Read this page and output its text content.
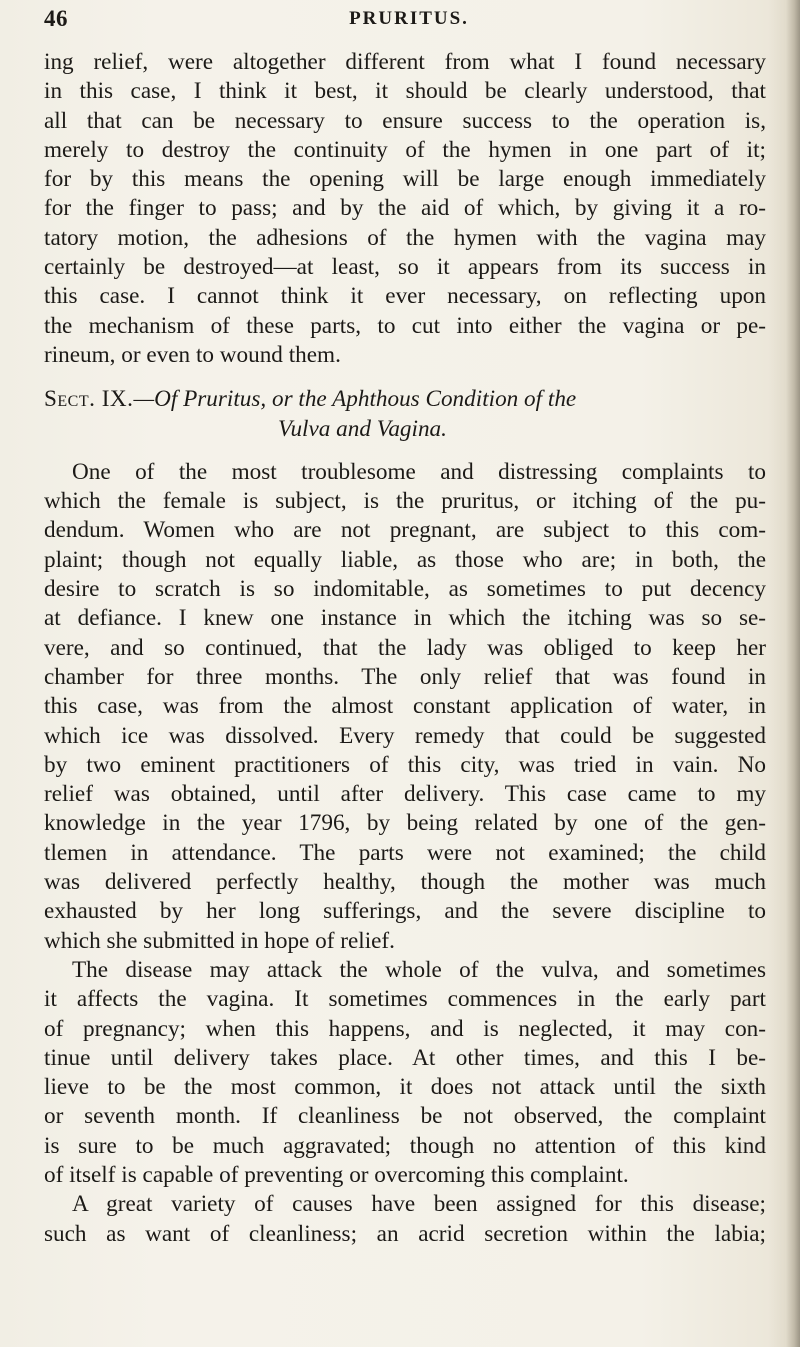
46	PRURITUS.
ing relief, were altogether different from what I found necessary
in this case, I think it best, it should be clearly understood, that
all that can be necessary to ensure success to the operation is,
merely to destroy the continuity of the hymen in one part of it;
for by this means the opening will be large enough immediately
for the finger to pass; and by the aid of which, by giving it a ro-
tatory motion, the adhesions of the hymen with the vagina may
certainly be destroyed—at least, so it appears from its success in
this case. I cannot think it ever necessary, on reflecting upon
the mechanism of these parts, to cut into either the vagina or pe-
rineum, or even to wound them.
Sect. IX.—Of Pruritus, or the Aphthous Condition of the
Vulva and Vagina.
One of the most troublesome and distressing complaints to
which the female is subject, is the pruritus, or itching of the pu-
dendum. Women who are not pregnant, are subject to this com-
plaint; though not equally liable, as those who are; in both, the
desire to scratch is so indomitable, as sometimes to put decency
at defiance. I knew one instance in which the itching was so se-
vere, and so continued, that the lady was obliged to keep her
chamber for three months. The only relief that was found in
this case, was from the almost constant application of water, in
which ice was dissolved. Every remedy that could be suggested
by two eminent practitioners of this city, was tried in vain. No
relief was obtained, until after delivery. This case came to my
knowledge in the year 1796, by being related by one of the gen-
tlemen in attendance. The parts were not examined; the child
was delivered perfectly healthy, though the mother was much
exhausted by her long sufferings, and the severe discipline to
which she submitted in hope of relief.
The disease may attack the whole of the vulva, and sometimes
it affects the vagina. It sometimes commences in the early part
of pregnancy; when this happens, and is neglected, it may con-
tinue until delivery takes place. At other times, and this I be-
lieve to be the most common, it does not attack until the sixth
or seventh month. If cleanliness be not observed, the complaint
is sure to be much aggravated; though no attention of this kind
of itself is capable of preventing or overcoming this complaint.
A great variety of causes have been assigned for this disease;
such as want of cleanliness; an acrid secretion within the labia;
